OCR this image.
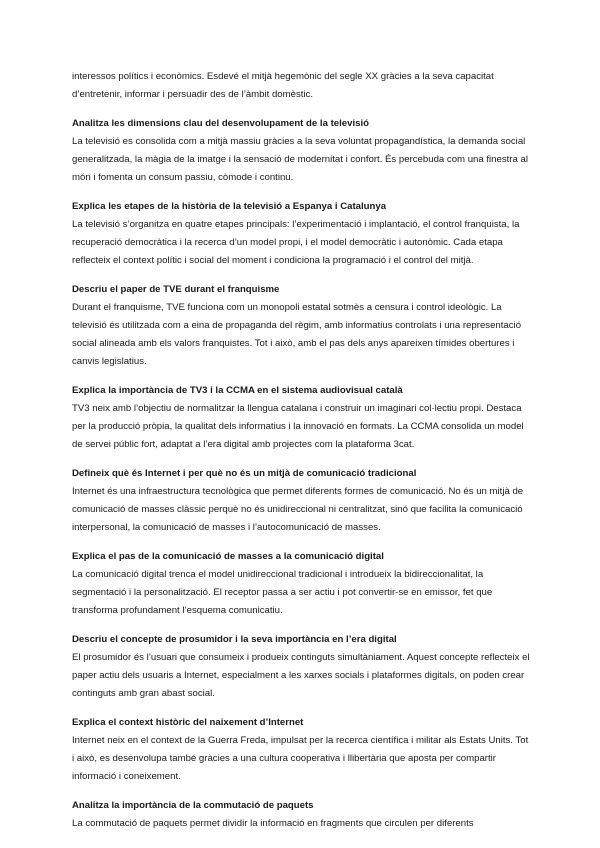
interessos polítics i econòmics. Esdevé el mitjà hegemònic del segle XX gràcies a la seva capacitat d’entretenir, informar i persuadir des de l’àmbit domèstic.

Analitza les dimensions clau del desenvolupament de la televisió

La televisió es consolida com a mitjà massiu gràcies a la seva voluntat propagandística, la demanda social generalitzada, la màgia de la imatge i la sensació de modernitat i confort. És percebuda com una finestra al món i fomenta un consum passiu, còmode i continu.

Explica les etapes de la història de la televisió a Espanya i Catalunya

La televisió s’organitza en quatre etapes principals: l’experimentació i implantació, el control franquista, la recuperació democràtica i la recerca d’un model propi, i el model democràtic i autonòmic. Cada etapa reflecteix el context polític i social del moment i condiciona la programació i el control del mitjà.

Descriu el paper de TVE durant el franquisme

Durant el franquisme, TVE funciona com un monopoli estatal sotmès a censura i control ideològic. La televisió és utilitzada com a eina de propaganda del règim, amb informatius controlats i una representació social alineada amb els valors franquistes. Tot i això, amb el pas dels anys apareixen tímides obertures i canvis legislatius.

Explica la importància de TV3 i la CCMA en el sistema audiovisual català

TV3 neix amb l’objectiu de normalitzar la llengua catalana i construir un imaginari col·lectiu propi. Destaca per la producció pròpia, la qualitat dels informatius i la innovació en formats. La CCMA consolida un model de servei públic fort, adaptat a l’era digital amb projectes com la plataforma 3cat.

Defineix què és Internet i per què no és un mitjà de comunicació tradicional

Internet és una infraestructura tecnològica que permet diferents formes de comunicació. No és un mitjà de comunicació de masses clàssic perquè no és unidireccional ni centralitzat, sinó que facilita la comunicació interpersonal, la comunicació de masses i l’autocomunicació de masses.

Explica el pas de la comunicació de masses a la comunicació digital

La comunicació digital trenca el model unidireccional tradicional i introdueix la bidireccionalitat, la segmentació i la personalització. El receptor passa a ser actiu i pot convertir-se en emissor, fet que transforma profundament l’esquema comunicatiu.

Descriu el concepte de prosumidor i la seva importància en l’era digital

El prosumidor és l’usuari que consumeix i produeix continguts simultàniament. Aquest concepte reflecteix el paper actiu dels usuaris a Internet, especialment a les xarxes socials i plataformes digitals, on poden crear continguts amb gran abast social.

Explica el context històric del naixement d’Internet

Internet neix en el context de la Guerra Freda, impulsat per la recerca científica i militar als Estats Units. Tot i això, es desenvolupa també gràcies a una cultura cooperativa i llibertària que aposta per compartir informació i coneixement.

Analitza la importància de la commutació de paquets

La commutació de paquets permet dividir la informació en fragments que circulen per diferents
